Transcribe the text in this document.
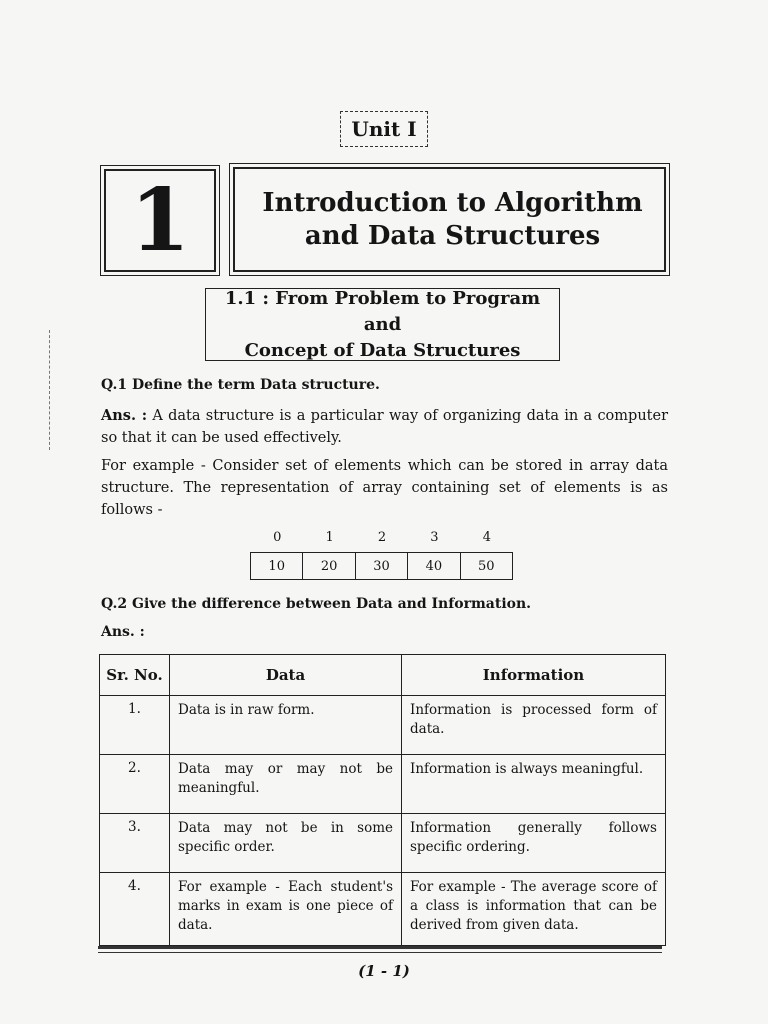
Unit I
1	Introduction to Algorithm
and Data Structures
1.1 : From Problem to Program and
Concept of Data Structures
Q.1 Define the term Data structure.
Ans. : A data structure is a particular way of organizing data in a computer so that it can be used effectively.
For example - Consider set of elements which can be stored in array data structure. The representation of array containing set of elements is as follows -
0	1	2	3	4
10	20	30	40	50
Q.2 Give the difference between Data and Information.
Ans. :
Sr. No.	Data	Information
1.	Data is in raw form.	Information is processed form of data.
2.	Data may or may not be meaningful.	Information is always meaningful.
3.	Data may not be in some specific order.	Information generally follows specific ordering.
4.	For example - Each student's marks in exam is one piece of data.	For example - The average score of a class is information that can be derived from given data.
(1 - 1)
